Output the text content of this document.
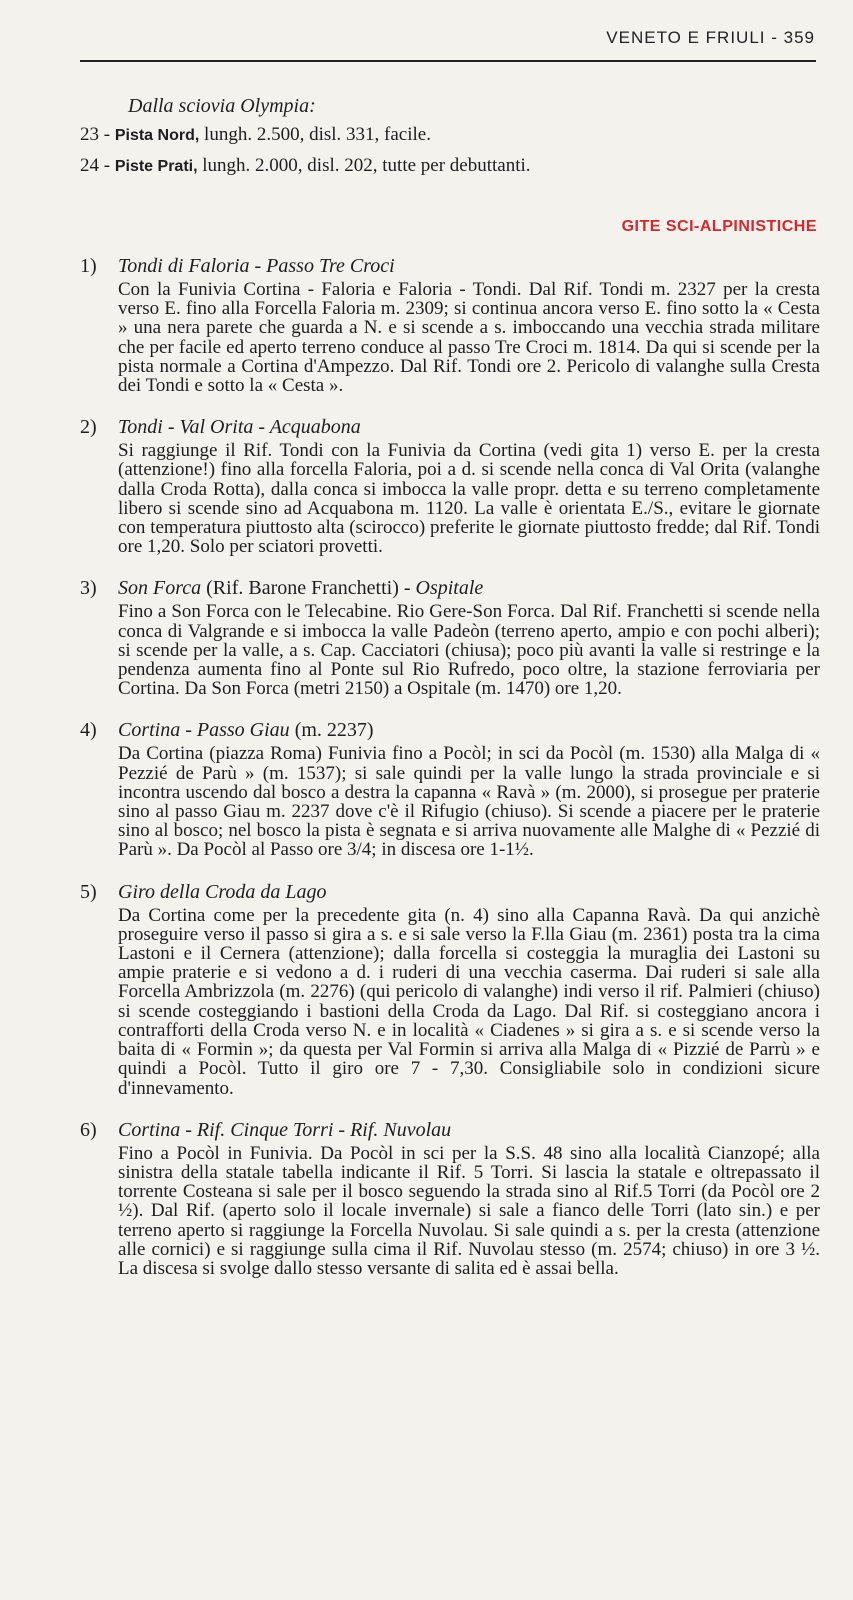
VENETO E FRIULI - 359
Dalla sciovia Olympia:
23 - Pista Nord, lungh. 2.500, disl. 331, facile.
24 - Piste Prati, lungh. 2.000, disl. 202, tutte per debuttanti.
GITE SCI-ALPINISTICHE
1)	Tondi di Faloria - Passo Tre Croci
Con la Funivia Cortina - Faloria e Faloria - Tondi. Dal Rif. Tondi m. 2327 per la cresta verso E. fino alla Forcella Faloria m. 2309; si continua ancora verso E. fino sotto la « Cesta » una nera parete che guarda a N. e si scende a s. imboccando una vecchia strada militare che per facile ed aperto terreno conduce al passo Tre Croci m. 1814. Da qui si scende per la pista normale a Cortina d'Ampezzo. Dal Rif. Tondi ore 2. Pericolo di valanghe sulla Cresta dei Tondi e sotto la « Cesta ».
2)	Tondi - Val Orita - Acquabona
Si raggiunge il Rif. Tondi con la Funivia da Cortina (vedi gita 1) verso E. per la cresta (attenzione!) fino alla forcella Faloria, poi a d. si scende nella conca di Val Orita (valanghe dalla Croda Rotta), dalla conca si imbocca la valle propr. detta e su terreno completamente libero si scende sino ad Acquabona m. 1120. La valle è orientata E./S., evitare le giornate con temperatura piuttosto alta (scirocco) preferite le giornate piuttosto fredde; dal Rif. Tondi ore 1,20. Solo per sciatori provetti.
3)	Son Forca (Rif. Barone Franchetti) - Ospitale
Fino a Son Forca con le Telecabine. Rio Gere-Son Forca. Dal Rif. Franchetti si scende nella conca di Valgrande e si imbocca la valle Padeòn (terreno aperto, ampio e con pochi alberi); si scende per la valle, a s. Cap. Cacciatori (chiusa); poco più avanti la valle si restringe e la pendenza aumenta fino al Ponte sul Rio Rufredo, poco oltre, la stazione ferroviaria per Cortina. Da Son Forca (metri 2150) a Ospitale (m. 1470) ore 1,20.
4)	Cortina - Passo Giau (m. 2237)
Da Cortina (piazza Roma) Funivia fino a Pocòl; in sci da Pocòl (m. 1530) alla Malga di « Pezzié de Parù » (m. 1537); si sale quindi per la valle lungo la strada provinciale e si incontra uscendo dal bosco a destra la capanna « Ravà » (m. 2000), si prosegue per praterie sino al passo Giau m. 2237 dove c'è il Rifugio (chiuso). Si scende a piacere per le praterie sino al bosco; nel bosco la pista è segnata e si arriva nuovamente alle Malghe di « Pezzié di Parù ». Da Pocòl al Passo ore 3/4; in discesa ore 1-1½.
5)	Giro della Croda da Lago
Da Cortina come per la precedente gita (n. 4) sino alla Capanna Ravà. Da qui anzichè proseguire verso il passo si gira a s. e si sale verso la F.lla Giau (m. 2361) posta tra la cima Lastoni e il Cernera (attenzione); dalla forcella si costeggia la muraglia dei Lastoni su ampie praterie e si vedono a d. i ruderi di una vecchia caserma. Dai ruderi si sale alla Forcella Ambrizzola (m. 2276) (qui pericolo di valanghe) indi verso il rif. Palmieri (chiuso) si scende costeggiando i bastioni della Croda da Lago. Dal Rif. si costeggiano ancora i contrafforti della Croda verso N. e in località « Ciadenes » si gira a s. e si scende verso la baita di « Formin »; da questa per Val Formin si arriva alla Malga di « Pizzié de Parrù » e quindi a Pocòl. Tutto il giro ore 7 - 7,30. Consigliabile solo in condizioni sicure d'innevamento.
6)	Cortina - Rif. Cinque Torri - Rif. Nuvolau
Fino a Pocòl in Funivia. Da Pocòl in sci per la S.S. 48 sino alla località Cianzopé; alla sinistra della statale tabella indicante il Rif. 5 Torri. Si lascia la statale e oltrepassato il torrente Costeana si sale per il bosco seguendo la strada sino al Rif.5 Torri (da Pocòl ore 2 ½). Dal Rif. (aperto solo il locale invernale) si sale a fianco delle Torri (lato sin.) e per terreno aperto si raggiunge la Forcella Nuvolau. Si sale quindi a s. per la cresta (attenzione alle cornici) e si raggiunge sulla cima il Rif. Nuvolau stesso (m. 2574; chiuso) in ore 3 ½. La discesa si svolge dallo stesso versante di salita ed è assai bella.
